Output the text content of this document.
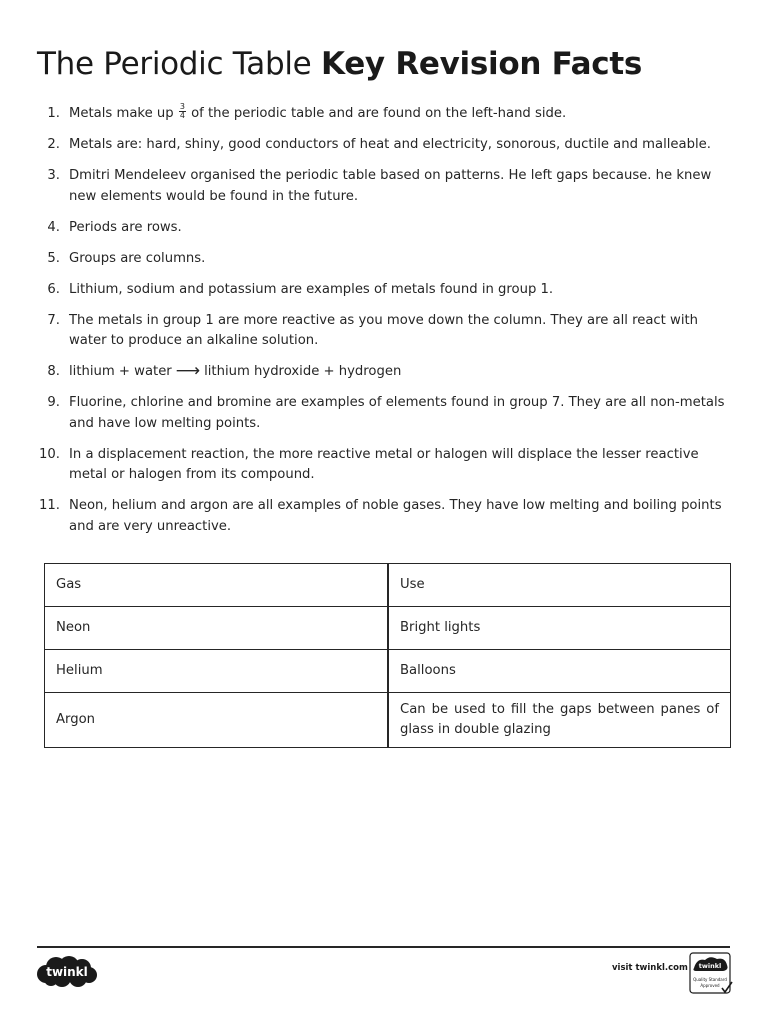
The Periodic Table Key Revision Facts
1. Metals make up $\frac{3}{4}$ of the periodic table and are found on the left-hand side.
2. Metals are: hard, shiny, good conductors of heat and electricity, sonorous, ductile and malleable.
3. Dmitri Mendeleev organised the periodic table based on patterns. He left gaps because. he knew new elements would be found in the future.
4. Periods are rows.
5. Groups are columns.
6. Lithium, sodium and potassium are examples of metals found in group 1.
7. The metals in group 1 are more reactive as you move down the column. They are all react with water to produce an alkaline solution.
8. lithium + water ⟶ lithium hydroxide + hydrogen
9. Fluorine, chlorine and bromine are examples of elements found in group 7. They are all non-metals and have low melting points.
10. In a displacement reaction, the more reactive metal or halogen will displace the lesser reactive metal or halogen from its compound.
11. Neon, helium and argon are all examples of noble gases. They have low melting and boiling points and are very unreactive.
Gas	Use
Neon	Bright lights
Helium	Balloons
Argon	Can be used to fill the gaps between panes of glass in double glazing
twinkl	visit twinkl.com twinkl
Quality Standard
Approved
